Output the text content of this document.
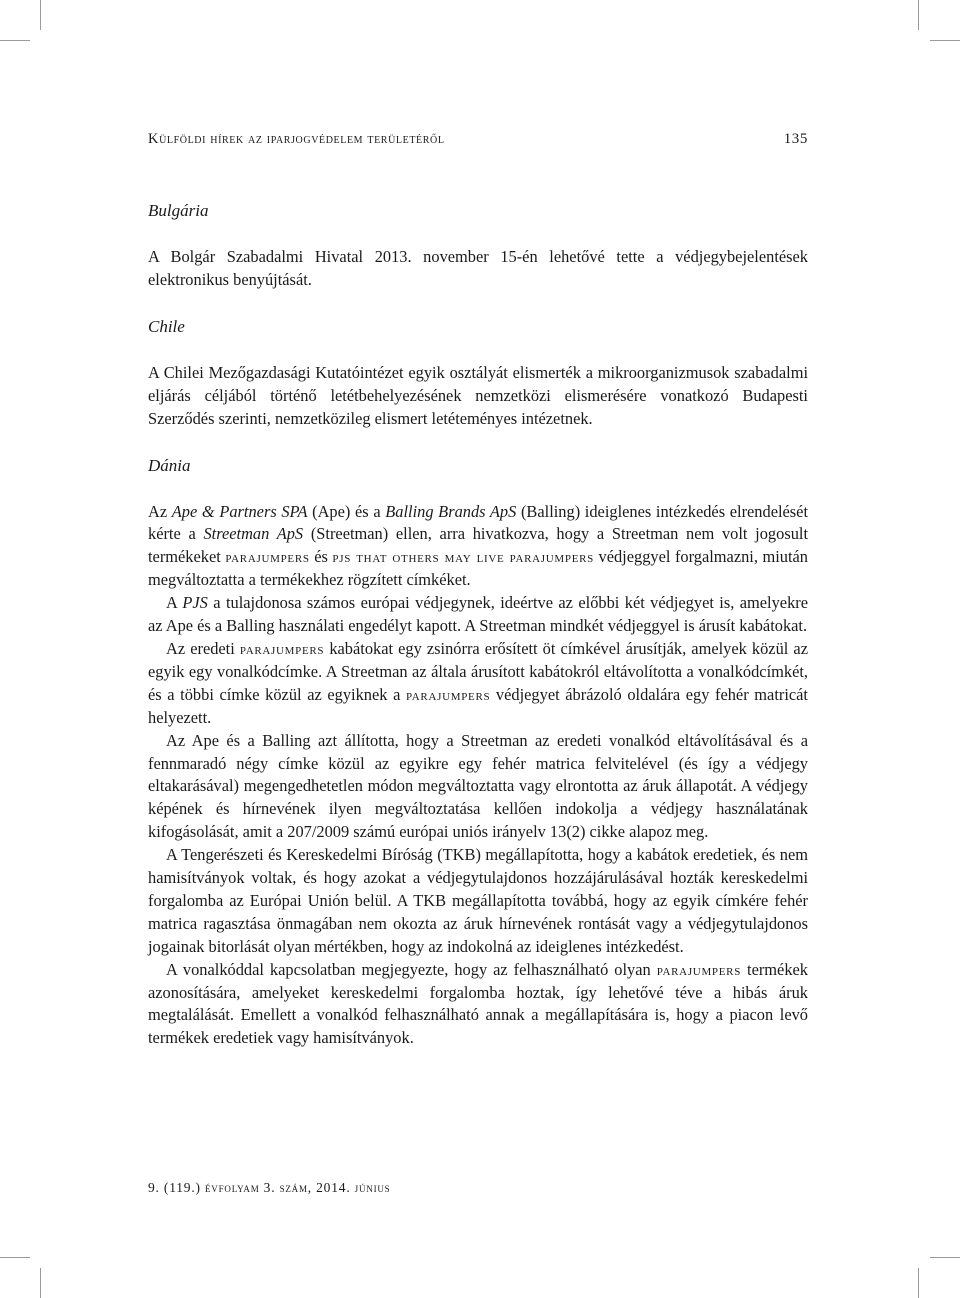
Külföldi hírek az iparjogvédelem területéről	135
Bulgária

A Bolgár Szabadalmi Hivatal 2013. november 15-én lehetővé tette a védjegybejelentések elektronikus benyújtását.

Chile

A Chilei Mezőgazdasági Kutatóintézet egyik osztályát elismerték a mikroorganizmusok szabadalmi eljárás céljából történő letétbehelyezésének nemzetközi elismerésére vonatkozó Budapesti Szerződés szerinti, nemzetközileg elismert letéteményes intézetnek.

Dánia

Az Ape & Partners SPA (Ape) és a Balling Brands ApS (Balling) ideiglenes intézkedés elrendelését kérte a Streetman ApS (Streetman) ellen, arra hivatkozva, hogy a Streetman nem volt jogosult termékeket parajumpers és pjs that others may live parajumpers védjeggyel forgalmazni, miután megváltoztatta a termékekhez rögzített címkéket.

A PJS a tulajdonosa számos európai védjegynek, ideértve az előbbi két védjegyet is, amelyekre az Ape és a Balling használati engedélyt kapott. A Streetman mindkét védjeggyel is árusít kabátokat.

Az eredeti parajumpers kabátokat egy zsinórra erősített öt címkével árusítják, amelyek közül az egyik egy vonalkódcímke. A Streetman az általa árusított kabátokról eltávolította a vonalkódcímkét, és a többi címke közül az egyiknek a parajumpers védjegyet ábrázoló oldalára egy fehér matricát helyezett.

Az Ape és a Balling azt állította, hogy a Streetman az eredeti vonalkód eltávolításával és a fennmaradó négy címke közül az egyikre egy fehér matrica felvitelével (és így a védjegy eltakarásával) megengedhetetlen módon megváltoztatta vagy elrontotta az áruk állapotát. A védjegy képének és hírnevének ilyen megváltoztatása kellően indokolja a védjegy használatának kifogásolását, amit a 207/2009 számú európai uniós irányelv 13(2) cikke alapoz meg.

A Tengerészeti és Kereskedelmi Bíróság (TKB) megállapította, hogy a kabátok eredetiek, és nem hamisítványok voltak, és hogy azokat a védjegytulajdonos hozzájárulásával hozták kereskedelmi forgalomba az Európai Unión belül. A TKB megállapította továbbá, hogy az egyik címkére fehér matrica ragasztása önmagában nem okozta az áruk hírnevének rontását vagy a védjegytulajdonos jogainak bitorlását olyan mértékben, hogy az indokolná az ideiglenes intézkedést.

A vonalkóddal kapcsolatban megjegyezte, hogy az felhasználható olyan parajumpers termékek azonosítására, amelyeket kereskedelmi forgalomba hoztak, így lehetővé téve a hibás áruk megtalálását. Emellett a vonalkód felhasználható annak a megállapítására is, hogy a piacon levő termékek eredetiek vagy hamisítványok.

9. (119.) évfolyam 3. szám, 2014. június
